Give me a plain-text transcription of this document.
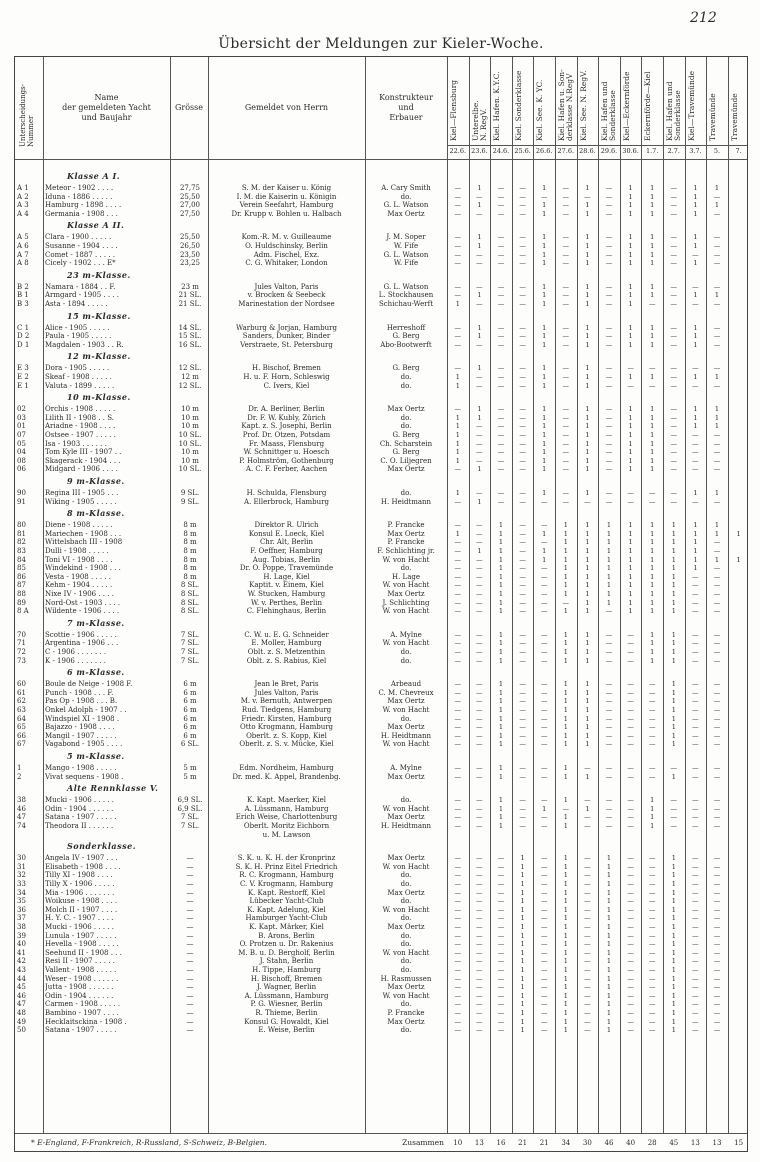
212
Übersicht der Meldungen zur Kieler-Woche.
Unterscheidungs-
Nummer
Name
der gemeldeten Yacht
und Baujahr
Grösse	Gemeldet von Herrn
Konstrukteur
und
Erbauer	Kiel—Flensburg
22.6.
Unterelbe.
N. RegV.
23.6.
Kiel. Hafen. K.Y.C.
24.6.
Kiel. Sonderklasse
25.6.
Kiel. See. K. YC.
26.6.
Kiel. Hafen u. Son-
derklasse N.RegV
27.6.
Kiel. See. N. RegV.
28.6.
Kiel. Hafen und
Sonderklasse
29.6.
Kiel—Eckernförde
30.6.
Eckernförde—Kiel
1.7.
Kiel. Hafen und
Sonderklasse
2.7.
Kiel—Travemünde
3.7.
Travemünde
5.
Travemünde
7.
Klasse A I.
A 1	Meteor - 1902 . . . .	27,75	S. M. der Kaiser u. König	A. Cary Smith	—	1	—	—	1	—	1	—	1	1	—	1	1
A 2	Iduna - 1886 . . . . .	25,50	I. M. die Kaiserin u. Königin	do.	—	—	—	—	—	—	—	—	1	1	—	1	—
A 3	Hamburg - 1898 . . . .	27,00	Verein Seefahrt, Hamburg	G. L. Watson	—	1	—	—	1	—	1	—	1	1	—	1	1
A 4	Germania - 1908 . . .	27,50	Dr. Krupp v. Bohlen u. Halbach	Max Oertz	—	—	—	—	1	—	1	—	1	1	—	1	—
Klasse A II.
A 5	Clara - 1900 . . . . .	25,50	Kom.-R. M. v. Guilleaume	J. M. Soper	—	1	—	—	1	—	1	—	1	1	—	1	—
A 6	Susanne - 1904 . . . .	26,50	O. Huldschinsky, Berlin	W. Fife	—	1	—	—	1	—	1	—	1	1	—	1	—
A 7	Comet - 1887 . . . . .	23,50	Adm. Fischel, Exz.	G. L. Watson	—	—	—	—	1	—	1	—	1	1	—	—	—
A 8	Cicely - 1902 . . . E*	23,25	C. G. Whitaker, London	W. Fife	—	—	—	—	1	—	1	—	1	1	—	1	—
23 m-Klasse.
B 2	Namara - 1884 . . F.	23 m	Jules Valton, Paris	G. L. Watson	—	—	—	—	1	—	1	—	1	1	—	—	—
B 1	Armgard - 1905 . . . .	21 SL.	v. Brocken & Seebeck	L. Stockhausen	—	1	—	—	1	—	1	—	1	1	—	1	1
B 3	Asta - 1894 . . . . .	21 SL.	Marinestation der Nordsee	Schichau-Werft	1	—	—	—	1	—	1	—	1	—	—	—	—
15 m-Klasse.
C 1	Alice - 1905 . . . . .	14 SL.	Warburg & Jorjan, Hamburg	Herreshoff	—	1	—	—	1	—	1	—	1	1	—	1	—
D 2	Paula - 1905 . . . . .	15 SL.	Sanders, Dunker, Binder	G. Berg	—	1	—	—	1	—	1	—	1	1	—	1	—
D 1	Magdalen - 1903 . . R.	16 SL.	Verstraete, St. Petersburg	Abo-Bootwerft	—	—	—	—	1	—	1	—	1	1	—	1	—
12 m-Klasse.
E 3	Dora - 1905 . . . . .	12 SL.	H. Bischof, Bremen	G. Berg	—	1	—	—	1	—	1	—	—	—	—	—	—
E 2	Skeaf - 1908 . . . . .	12 m	H. u. F. Horn, Schleswig	do.	1	—	—	—	1	—	1	—	1	1	—	1	1
E 1	Valuta - 1899 . . . . .	12 SL.	C. Ivers, Kiel	do.	1	—	—	—	1	—	1	—	—	—	—	—	—
10 m-Klasse.
02	Orchis - 1908 . . . . .	10 m	Dr. A. Berliner, Berlin	Max Oertz	—	1	—	—	1	—	1	—	1	1	—	1	1
03	Lilith II - 1908 . . S.	10 m	Dr. F. W. Kubly, Zürich	do.	1	1	—	—	1	—	1	—	1	1	—	1	1
01	Ariadne - 1908 . . . .	10 m	Kapt. z. S. Josephi, Berlin	do.	1	—	—	—	1	—	1	—	1	1	—	1	1
07	Ostsee - 1907 . . . . .	10 SL.	Prof. Dr. Otzen, Potsdam	G. Berg	1	—	—	—	1	—	1	—	1	1	—	—	—
05	Isa - 1903 . . . . . .	10 SL.	Fr. Maass, Flensburg	Ch. Scharstein	1	—	—	—	1	—	1	—	1	1	—	—	—
04	Tom Kyle III - 1907 . .	10 m	W. Schnittger u. Hoesch	G. Berg	1	—	—	—	1	—	1	—	1	1	—	—	—
08	Skagerack - 1904 . . .	10 m	P. Holmström, Gothenburg	C. O. Liljegren	1	—	—	—	1	—	1	—	1	1	—	—	—
06	Midgard - 1906 . . . .	10 SL.	A. C. F. Ferber, Aachen	Max Oertz	—	1	—	—	1	—	1	—	1	1	—	—	—
9 m-Klasse.
90	Regina III - 1905 . . .	9 SL.	H. Schulda, Flensburg	do.	1	—	—	—	1	—	1	—	—	—	—	1	1
91	Wiking - 1905 . . . . .	9 SL.	A. Ellerbrock, Hamburg	H. Heidtmann	—	1	—	—	—	—	—	—	—	—	—	—	—
8 m-Klasse.
80	Diene - 1908 . . . . .	8 m	Direktor R. Ulrich	P. Francke	—	—	1	—	—	1	1	1	1	1	1	1	1
81	Mariechen - 1908 . . .	8 m	Konsul E. Loeck, Kiel	Max Oertz	1	—	1	—	1	1	1	1	1	1	1	1	1	1
82	Wittelsbach III - 1908	8 m	Chr. Alt, Berlin	P. Francke	—	—	1	—	—	1	1	1	1	1	1	1	—
83	Dulli - 1908 . . . . .	8 m	F. Oeffner, Hamburg	F. Schlichting jr.	—	1	1	—	1	1	1	1	1	1	1	1	—
84	Toni VI - 1908 . . . .	8 m	Aug. Tobias, Berlin	W. von Hacht	—	—	1	—	1	1	1	1	1	1	1	1	1	1
85	Windekind - 1908 . . .	8 m	Dr. O. Poppe, Travemünde	do.	—	—	1	—	—	1	1	1	1	1	1	1	—
86	Vesta - 1908 . . . . .	8 m	H. Lage, Kiel	H. Lage	—	—	1	—	—	1	1	1	1	1	1	—	—
87	Kehm - 1904 . . . . .	8 SL.	Kaptit. v. Einem, Kiel	W. von Hacht	—	—	1	—	—	1	1	1	1	1	1	—	—
88	Nixe IV - 1906 . . . .	8 SL.	W. Stucken, Hamburg	Max Oertz	—	—	1	—	—	1	1	1	1	1	1	—	—
89	Nord-Ost - 1903 . . . .	8 SL.	W. v. Perthes, Berlin	J. Schlichting	—	—	1	—	—	—	1	1	1	1	1	—	—
8 A	Wildente - 1906 . . . .	8 SL.	C. Flehinghaus, Berlin	W. von Hacht	—	—	1	—	—	1	1	—	1	1	1	—	—
7 m-Klasse.
70	Scottie - 1906 . . . . .	7 SL.	C. W. u. E. G. Schneider	A. Mylne	—	—	1	—	—	1	1	—	—	1	1	—	—
71	Argentina - 1906 . . .	7 SL.	E. Moller, Hamburg	W. von Hacht	—	—	1	—	—	1	1	—	—	1	1	—	—
72	C - 1906 . . . . . . .	7 SL.	Oblt. z. S. Metzenthin	do.	—	—	1	—	—	1	1	—	—	1	1	—	—
73	K - 1906 . . . . . . .	7 SL.	Oblt. z. S. Rabius, Kiel	do.	—	—	1	—	—	1	1	—	—	1	1	—	—
6 m-Klasse.
60	Boule de Neige - 1908 F.	6 m	Jean le Bret, Paris	Arbeaud	—	—	1	—	—	1	1	—	—	—	1	—	—
61	Punch - 1908 . . . F.	6 m	Jules Valton, Paris	C. M. Chevreux	—	—	1	—	—	1	1	—	—	—	1	—	—
62	Pas Op - 1908 . . . B.	6 m	M. v. Bernuth, Antwerpen	Max Oertz	—	—	1	—	—	1	1	—	—	—	1	—	—
63	Onkel Adolph - 1907 . .	6 m	Rud. Tiedgens, Hamburg	W. von Hacht	—	—	1	—	—	1	1	—	—	—	1	—	—
64	Windspiel XI - 1908 .	6 m	Friedr. Kirsten, Hamburg	do.	—	—	1	—	—	1	1	—	—	—	1	—	—
65	Bajazzo - 1908 . . . .	6 m	Otto Krogmann, Hamburg	Max Oertz	—	—	1	—	—	1	1	—	—	—	1	—	—
66	Mangil - 1907 . . . . .	6 m	Oberlt. z. S. Kopp, Kiel	H. Heidtmann	—	—	1	—	—	1	1	—	—	—	1	—	—
67	Vagabond - 1905 . . . .	6 SL.	Oberlt. z. S. v. Mücke, Kiel	W. von Hacht	—	—	1	—	—	1	1	—	—	—	1	—	—
5 m-Klasse.
1	Mango - 1908 . . . . .	5 m	Edm. Nordheim, Hamburg	A. Mylne	—	—	1	—	—	1	—	—	—	—	—	—	—
2	Vivat sequens - 1908 .	5 m	Dr. med. K. Appel, Brandenbg.	Max Oertz	—	—	1	—	—	1	1	—	—	—	1	—	—
Alte Rennklasse V.
38	Mucki - 1906 . . . . .	6,9 SL.	K. Kapt. Maerker, Kiel	do.	—	—	1	—	—	1	—	—	—	1	—	—	—
46	Odin - 1904 . . . . . .	6,9 SL.	A. Lüssmann, Hamburg	W. von Hacht	—	—	1	—	1	—	1	—	—	1	—	—	—
47	Satana - 1907 . . . . .	7 SL.	Erich Weise, Charlottenburg	Max Oertz	—	—	1	—	—	1	—	—	—	1	—	—	—
74	Theodora II . . . . . .	7 SL.	Oberlt. Moritz Eichborn	H. Heidtmann	—	—	1	—	—	1	—	—	—	1	—	—	—
u. M. Lawson
Sonderklasse.
30	Angela IV - 1907 . . .	—	S. K. u. K. H. der Kronprinz	Max Oertz	—	—	—	1	—	1	—	1	—	—	1	—	—
31	Elisabeth - 1908 . . . .	—	S. K. H. Prinz Eitel Friedrich	W. von Hacht	—	—	—	1	—	1	—	1	—	—	1	—	—
32	Tilly XI - 1908 . . . .	—	R. C. Krogmann, Hamburg	do.	—	—	—	1	—	1	—	1	—	—	1	—	—
33	Tilly X - 1906 . . . . .	—	C. V. Krogmann, Hamburg	do.	—	—	—	1	—	1	—	1	—	—	1	—	—
34	Mia - 1906 . . . . . . .	—	K. Kapt. Restorff, Kiel	Max Oertz	—	—	—	1	—	1	—	1	—	—	1	—	—
35	Woikuse - 1908 . . . .	—	Lübecker Yacht-Club	do.	—	—	—	1	—	1	—	1	—	—	1	—	—
36	Molch II - 1907 . . . .	—	K. Kapt. Adelung, Kiel	W. von Hacht	—	—	—	1	—	1	—	1	—	—	1	—	—
37	H. Y. C. - 1907 . . . .	—	Hamburger Yacht-Club	do.	—	—	—	1	—	1	—	1	—	—	1	—	—
38	Mucki - 1906 . . . . .	—	K. Kapt. Märker, Kiel	Max Oertz	—	—	—	1	—	1	—	1	—	—	1	—	—
39	Lunula - 1907 . . . . .	—	B. Arons, Berlin	do.	—	—	—	1	—	1	—	1	—	—	1	—	—
40	Hevella - 1908 . . . . .	—	O. Protzen u. Dr. Rakenius	do.	—	—	—	1	—	1	—	1	—	—	1	—	—
41	Seehund II - 1908 . . .	—	M. B. u. D. Bergholf, Berlin	W. von Hacht	—	—	—	1	—	1	—	1	—	—	1	—	—
42	Resi II - 1907 . . . . .	—	J. Stahn, Berlin	do.	—	—	—	1	—	1	—	1	—	—	1	—	—
43	Vallent - 1908 . . . . .	—	H. Tippe, Hamburg	do.	—	—	—	1	—	1	—	1	—	—	1	—	—
44	Weser - 1908 . . . . . .	—	H. Bischoff, Bremen	H. Rasmussen	—	—	—	1	—	1	—	1	—	—	1	—	—
45	Jutta - 1908 . . . . . .	—	J. Wagner, Berlin	Max Oertz	—	—	—	1	—	1	—	1	—	—	1	—	—
46	Odin - 1904 . . . . . .	—	A. Lüssmann, Hamburg	W. von Hacht	—	—	—	1	—	1	—	1	—	—	1	—	—
47	Carmen - 1908 . . . . .	—	P. G. Wiesner, Berlin	do.	—	—	—	1	—	1	—	1	—	—	1	—	—
48	Bambino - 1907 . . . .	—	R. Thieme, Berlin	P. Francke	—	—	—	1	—	1	—	1	—	—	1	—	—
49	Hecklaitsckina - 1908 .	—	Konsul G. Howaldt, Kiel	Max Oertz	—	—	—	1	—	1	—	1	—	—	1	—	—
50	Satana - 1907 . . . . .	—	E. Weise, Berlin	do.	—	—	—	1	—	1	—	1	—	—	1	—	—
* E-England, F-Frankreich, R-Russland, S-Schweiz, B-Belgien.	Zusammen	10	13	16	21	21	34	30	46	40	28	45	13	13	15
